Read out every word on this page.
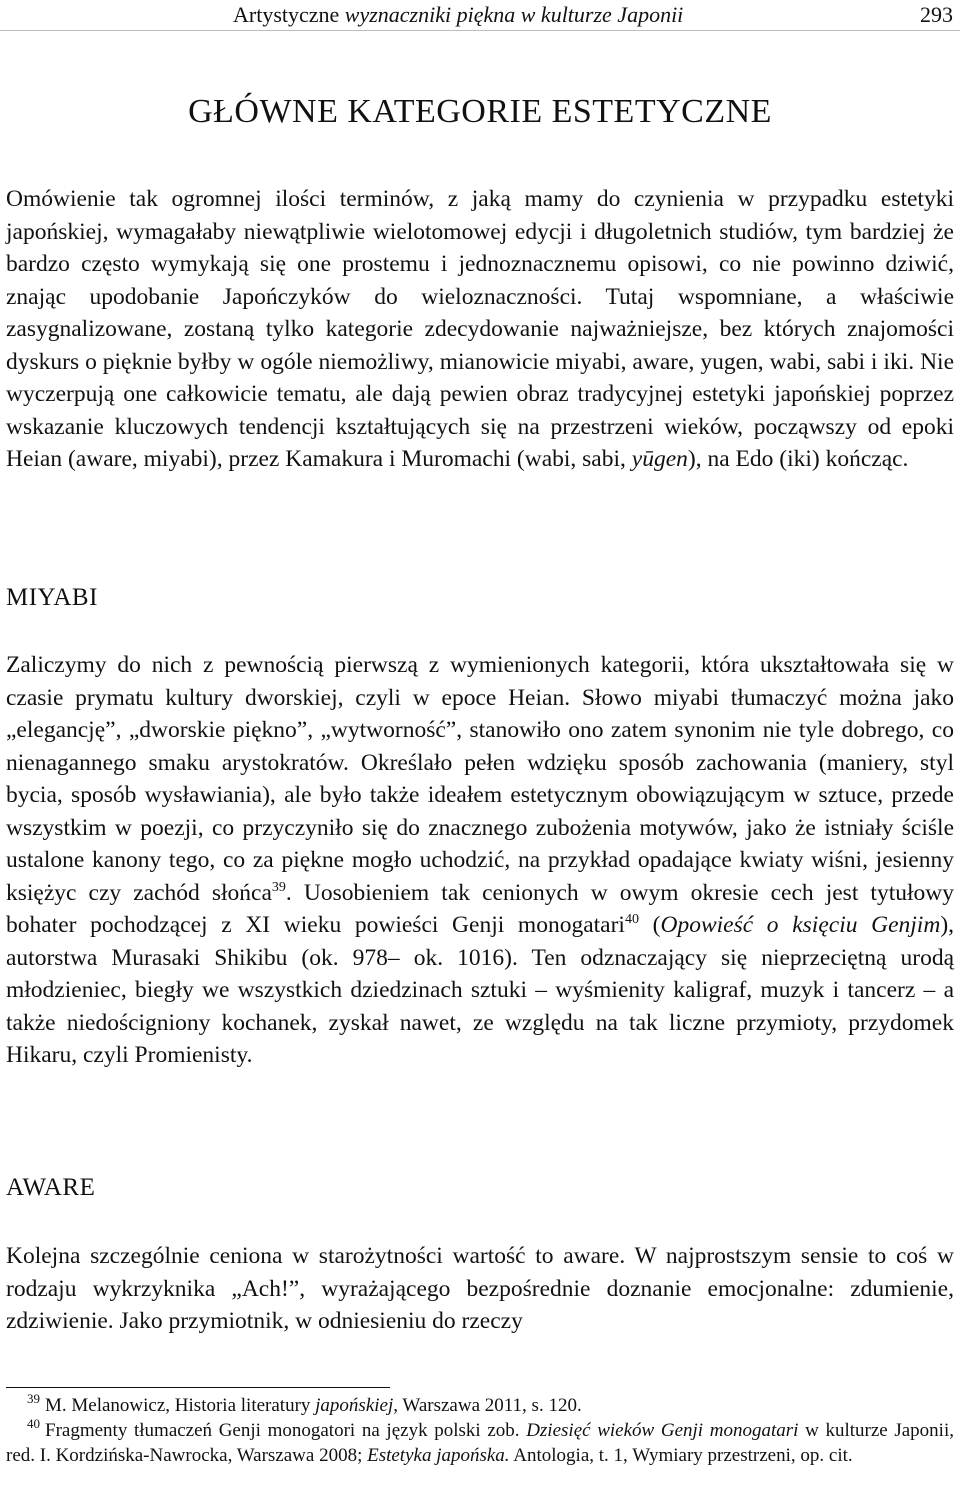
Artystyczne wyznaczniki piękna w kulturze Japonii	293
GŁÓWNE KATEGORIE ESTETYCZNE

Omówienie tak ogromnej ilości terminów, z jaką mamy do czynienia w przypadku estetyki japońskiej, wymagałaby niewątpliwie wielotomowej edycji i długoletnich studiów, tym bardziej że bardzo często wymykają się one prostemu i jednoznacznemu opisowi, co nie powinno dziwić, znając upodobanie Japończyków do wieloznaczności. Tutaj wspomniane, a właściwie zasygnalizowane, zostaną tylko kategorie zdecydowanie najważniejsze, bez których znajomości dyskurs o pięknie byłby w ogóle niemożliwy, mianowicie miyabi, aware, yugen, wabi, sabi i iki. Nie wyczerpują one całkowicie tematu, ale dają pewien obraz tradycyjnej estetyki japońskiej poprzez wskazanie kluczowych tendencji kształtujących się na przestrzeni wieków, począwszy od epoki Heian (aware, miyabi), przez Kamakura i Muromachi (wabi, sabi, yūgen), na Edo (iki) kończąc.

MIYABI

Zaliczymy do nich z pewnością pierwszą z wymienionych kategorii, która ukształtowała się w czasie prymatu kultury dworskiej, czyli w epoce Heian. Słowo miyabi tłumaczyć można jako „elegancję”, „dworskie piękno”, „wytworność”, stanowiło ono zatem synonim nie tyle dobrego, co nienagannego smaku arystokratów. Określało pełen wdzięku sposób zachowania (maniery, styl bycia, sposób wysławiania), ale było także ideałem estetycznym obowiązującym w sztuce, przede wszystkim w poezji, co przyczyniło się do znacznego zubożenia motywów, jako że istniały ściśle ustalone kanony tego, co za piękne mogło uchodzić, na przykład opadające kwiaty wiśni, jesienny księżyc czy zachód słońca$^{39}$. Uosobieniem tak cenionych w owym okresie cech jest tytułowy bohater pochodzącej z XI wieku powieści Genji monogatari$^{40}$ (Opowieść o księciu Genjim), autorstwa Murasaki Shikibu (ok. 978– ok. 1016). Ten odznaczający się nieprzeciętną urodą młodzieniec, biegły we wszystkich dziedzinach sztuki – wyśmienity kaligraf, muzyk i tancerz – a także niedościgniony kochanek, zyskał nawet, ze względu na tak liczne przymioty, przydomek Hikaru, czyli Promienisty.

AWARE

Kolejna szczególnie ceniona w starożytności wartość to aware. W najprostszym sensie to coś w rodzaju wykrzyknika „Ach!”, wyrażającego bezpośrednie doznanie emocjonalne: zdumienie, zdziwienie. Jako przymiotnik, w odniesieniu do rzeczy

$^{39}$ M. Melanowicz, Historia literatury japońskiej, Warszawa 2011, s. 120.

$^{40}$ Fragmenty tłumaczeń Genji monogatori na język polski zob. Dziesięć wieków Genji monogatari w kulturze Japonii, red. I. Kordzińska-Nawrocka, Warszawa 2008; Estetyka japońska. Antologia, t. 1, Wymiary przestrzeni, op. cit.
